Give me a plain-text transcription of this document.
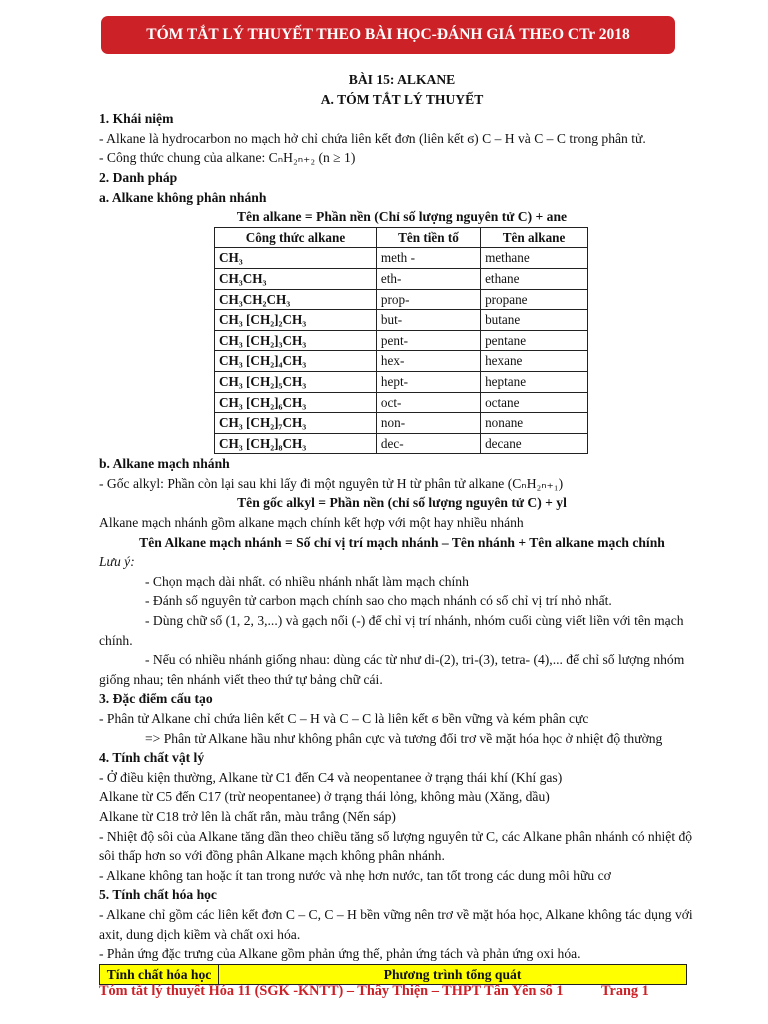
TÓM TẮT LÝ THUYẾT THEO BÀI HỌC-ĐÁNH GIÁ THEO CTr 2018
BÀI 15: ALKANE
A. TÓM TẮT LÝ THUYẾT
1. Khái niệm
- Alkane là hydrocarbon no mạch hở chỉ chứa liên kết đơn (liên kết ϭ) C – H và C – C trong phân tử.
- Công thức chung của alkane: CₙH₂ₙ₊₂ (n ≥ 1)
2. Danh pháp
a. Alkane không phân nhánh
Tên alkane = Phần nền (Chỉ số lượng nguyên tử C) + ane
Công thức alkane	Tên tiền tố	Tên alkane
CH₃	meth -	methane
CH₃CH₃	eth-	ethane
CH₃CH₂CH₃	prop-	propane
CH₃ [CH₂]₂CH₃	but-	butane
CH₃ [CH₂]₃CH₃	pent-	pentane
CH₃ [CH₂]₄CH₃	hex-	hexane
CH₃ [CH₂]₅CH₃	hept-	heptane
CH₃ [CH₂]₆CH₃	oct-	octane
CH₃ [CH₂]₇CH₃	non-	nonane
CH₃ [CH₂]₈CH₃	dec-	decane
b. Alkane mạch nhánh
- Gốc alkyl: Phần còn lại sau khi lấy đi một nguyên tử H từ phân tử alkane (CₙH₂ₙ₊₁)
Tên gốc alkyl = Phần nền (chỉ số lượng nguyên tử C) + yl
Alkane mạch nhánh gồm alkane mạch chính kết hợp với một hay nhiều nhánh
Tên Alkane mạch nhánh = Số chỉ vị trí mạch nhánh – Tên nhánh + Tên alkane mạch chính
Lưu ý:
- Chọn mạch dài nhất. có nhiều nhánh nhất làm mạch chính
- Đánh số nguyên tử carbon mạch chính sao cho mạch nhánh có số chỉ vị trí nhỏ nhất.
- Dùng chữ số (1, 2, 3,...) và gạch nối (-) để chỉ vị trí nhánh, nhóm cuối cùng viết liền với tên mạch chính.
- Nếu có nhiều nhánh giống nhau: dùng các từ như di-(2), tri-(3), tetra- (4),... để chỉ số lượng nhóm giống nhau; tên nhánh viết theo thứ tự bảng chữ cái.
3. Đặc điểm cấu tạo
- Phân tử Alkane chỉ chứa liên kết C – H và C – C là liên kết ϭ bền vững và kém phân cực
=> Phân tử Alkane hầu như không phân cực và tương đối trơ về mặt hóa học ở nhiệt độ thường
4. Tính chất vật lý
- Ở điều kiện thường, Alkane từ C1 đến C4 và neopentanee ở trạng thái khí (Khí gas)
Alkane từ C5 đến C17 (trừ neopentanee) ở trạng thái lỏng, không màu (Xăng, dầu)
Alkane từ C18 trở lên là chất rắn, màu trắng (Nến sáp)
- Nhiệt độ sôi của Alkane tăng dần theo chiều tăng số lượng nguyên tử C, các Alkane phân nhánh có nhiệt độ sôi thấp hơn so với đồng phân Alkane mạch không phân nhánh.
- Alkane không tan hoặc ít tan trong nước và nhẹ hơn nước, tan tốt trong các dung môi hữu cơ
5. Tính chất hóa học
- Alkane chỉ gồm các liên kết đơn C – C, C – H bền vững nên trơ về mặt hóa học, Alkane không tác dụng với axit, dung dịch kiềm và chất oxi hóa.
- Phản ứng đặc trưng của Alkane gồm phản ứng thế, phản ứng tách và phản ứng oxi hóa.
Tính chất hóa học	Phương trình tổng quát
Tóm tắt lý thuyết Hóa 11 (SGK -KNTT) – Thầy Thiện – THPT Tân Yên số 1	Trang 1
